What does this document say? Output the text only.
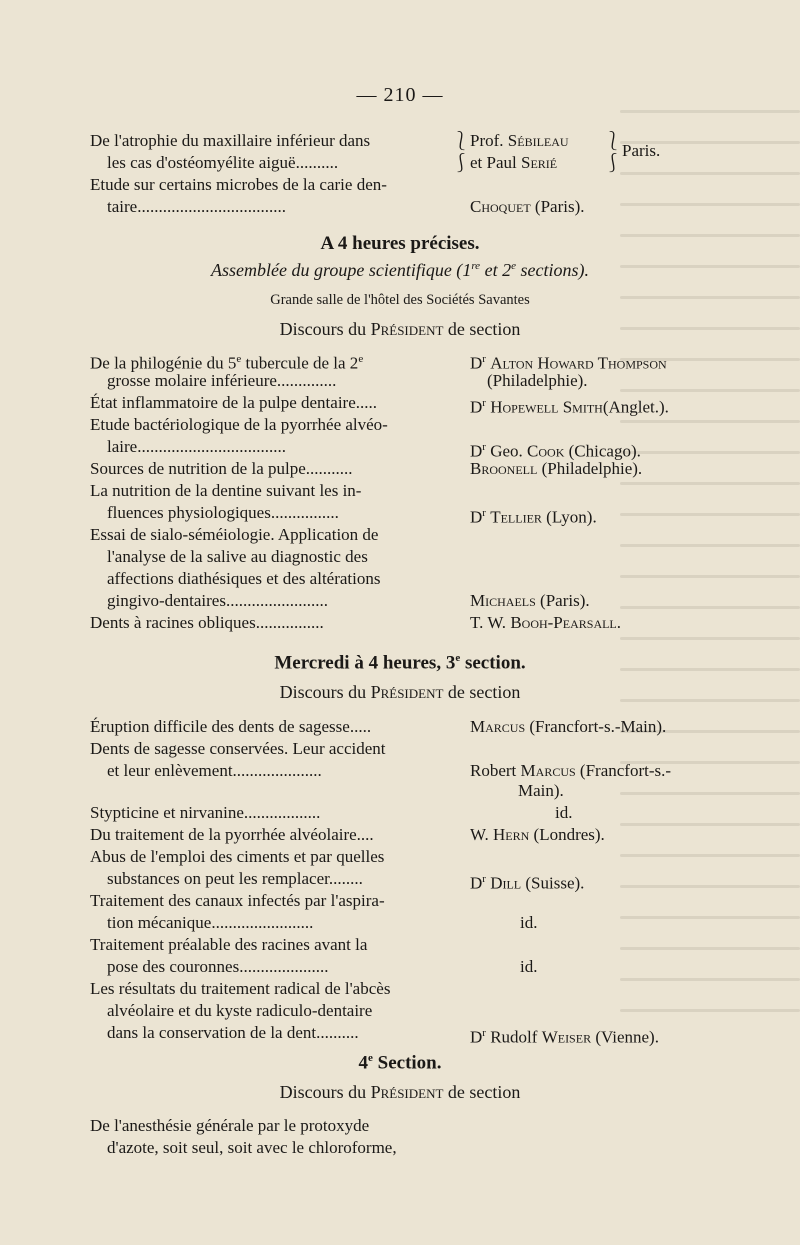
— 210 —
De l'atrophie du maxillaire inférieur dans	Prof. Sébileau
les cas d'ostéomyélite aiguë..........	et Paul Serié
⎱
⎰
⎱
⎰
Paris.
Etude sur certains microbes de la carie den-
taire...................................	Choquet (Paris).
A 4 heures précises.
Assemblée du groupe scientifique (1re et 2e sections).
Grande salle de l'hôtel des Sociétés Savantes
Discours du Président de section
De la philogénie du 5e tubercule de la 2e	$D^r$ Alton Howard Thompson
grosse molaire inférieure..............	(Philadelphie).
État inflammatoire de la pulpe dentaire.....	$D^r$ Hopewell Smith(Anglet.).
Etude bactériologique de la pyorrhée alvéo-
laire...................................	$D^r$ Geo. Cook (Chicago).
Sources de nutrition de la pulpe...........	Broonell (Philadelphie).
La nutrition de la dentine suivant les in-
fluences physiologiques................	$D^r$ Tellier (Lyon).
Essai de sialo-séméiologie. Application de
l'analyse de la salive au diagnostic des
affections diathésiques et des altérations
gingivo-dentaires........................	Michaels (Paris).
Dents à racines obliques................	T. W. Booh-Pearsall.
Mercredi à 4 heures, 3e section.
Discours du Président de section
Éruption difficile des dents de sagesse.....	Marcus (Francfort-s.-Main).
Dents de sagesse conservées. Leur accident
et leur enlèvement.....................	Robert Marcus (Francfort-s.-
Main).
Stypticine et nirvanine..................	id.
Du traitement de la pyorrhée alvéolaire....	W. Hern (Londres).
Abus de l'emploi des ciments et par quelles
substances on peut les remplacer........	$D^r$ Dill (Suisse).
Traitement des canaux infectés par l'aspira-
tion mécanique........................	id.
Traitement préalable des racines avant la
pose des couronnes.....................	id.
Les résultats du traitement radical de l'abcès
alvéolaire et du kyste radiculo-dentaire
dans la conservation de la dent..........	$D^r$ Rudolf Weiser (Vienne).
4e Section.
Discours du Président de section
De l'anesthésie générale par le protoxyde
d'azote, soit seul, soit avec le chloroforme,
